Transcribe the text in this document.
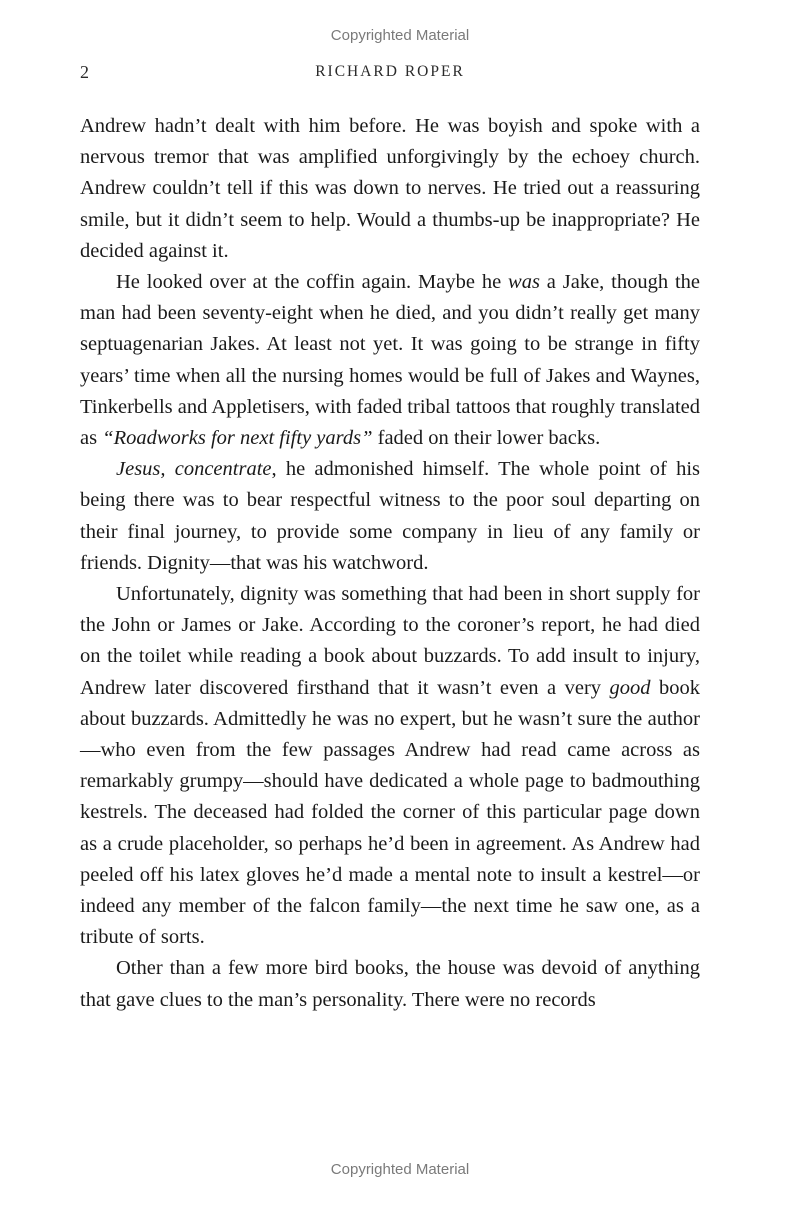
Copyrighted Material
2	RICHARD ROPER

Andrew hadn’t dealt with him before. He was boyish and spoke with a nervous tremor that was amplified unforgivingly by the echoey church. Andrew couldn’t tell if this was down to nerves. He tried out a reassuring smile, but it didn’t seem to help. Would a thumbs-up be inappropriate? He decided against it.

He looked over at the coffin again. Maybe he was a Jake, though the man had been seventy-eight when he died, and you didn’t really get many septuagenarian Jakes. At least not yet. It was going to be strange in fifty years’ time when all the nursing homes would be full of Jakes and Waynes, Tinkerbells and Appletisers, with faded tribal tattoos that roughly translated as “Roadworks for next fifty yards” faded on their lower backs.

Jesus, concentrate, he admonished himself. The whole point of his being there was to bear respectful witness to the poor soul departing on their final journey, to provide some company in lieu of any family or friends. Dignity—that was his watchword.

Unfortunately, dignity was something that had been in short supply for the John or James or Jake. According to the coroner’s report, he had died on the toilet while reading a book about buzzards. To add insult to injury, Andrew later discovered firsthand that it wasn’t even a very good book about buzzards. Admittedly he was no expert, but he wasn’t sure the author—who even from the few passages Andrew had read came across as remarkably grumpy—should have dedicated a whole page to badmouthing kestrels. The deceased had folded the corner of this particular page down as a crude placeholder, so perhaps he’d been in agreement. As Andrew had peeled off his latex gloves he’d made a mental note to insult a kestrel—or indeed any member of the falcon family—the next time he saw one, as a tribute of sorts.

Other than a few more bird books, the house was devoid of anything that gave clues to the man’s personality. There were no records

Copyrighted Material
